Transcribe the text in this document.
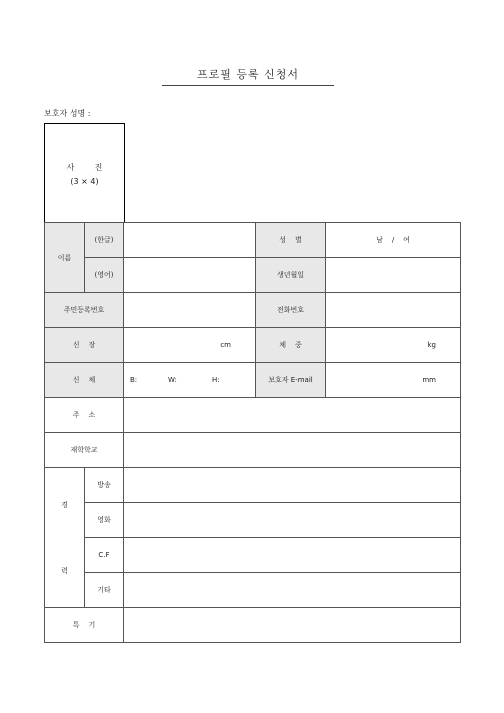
프로필 등록 신청서
보호자 성명 :
사        진
(3 × 4)
이름	(한글)		성    별	남    /    여
	(영어)		생년월일	
주민등록번호			전화번호	
신    장		cm	체    중	kg

신    체		B: W: H:	보호자 E-mail	mm

주    소				
재학학교				

경
력	방송			
	영화			
	C.F			
	기타			
특    기				
